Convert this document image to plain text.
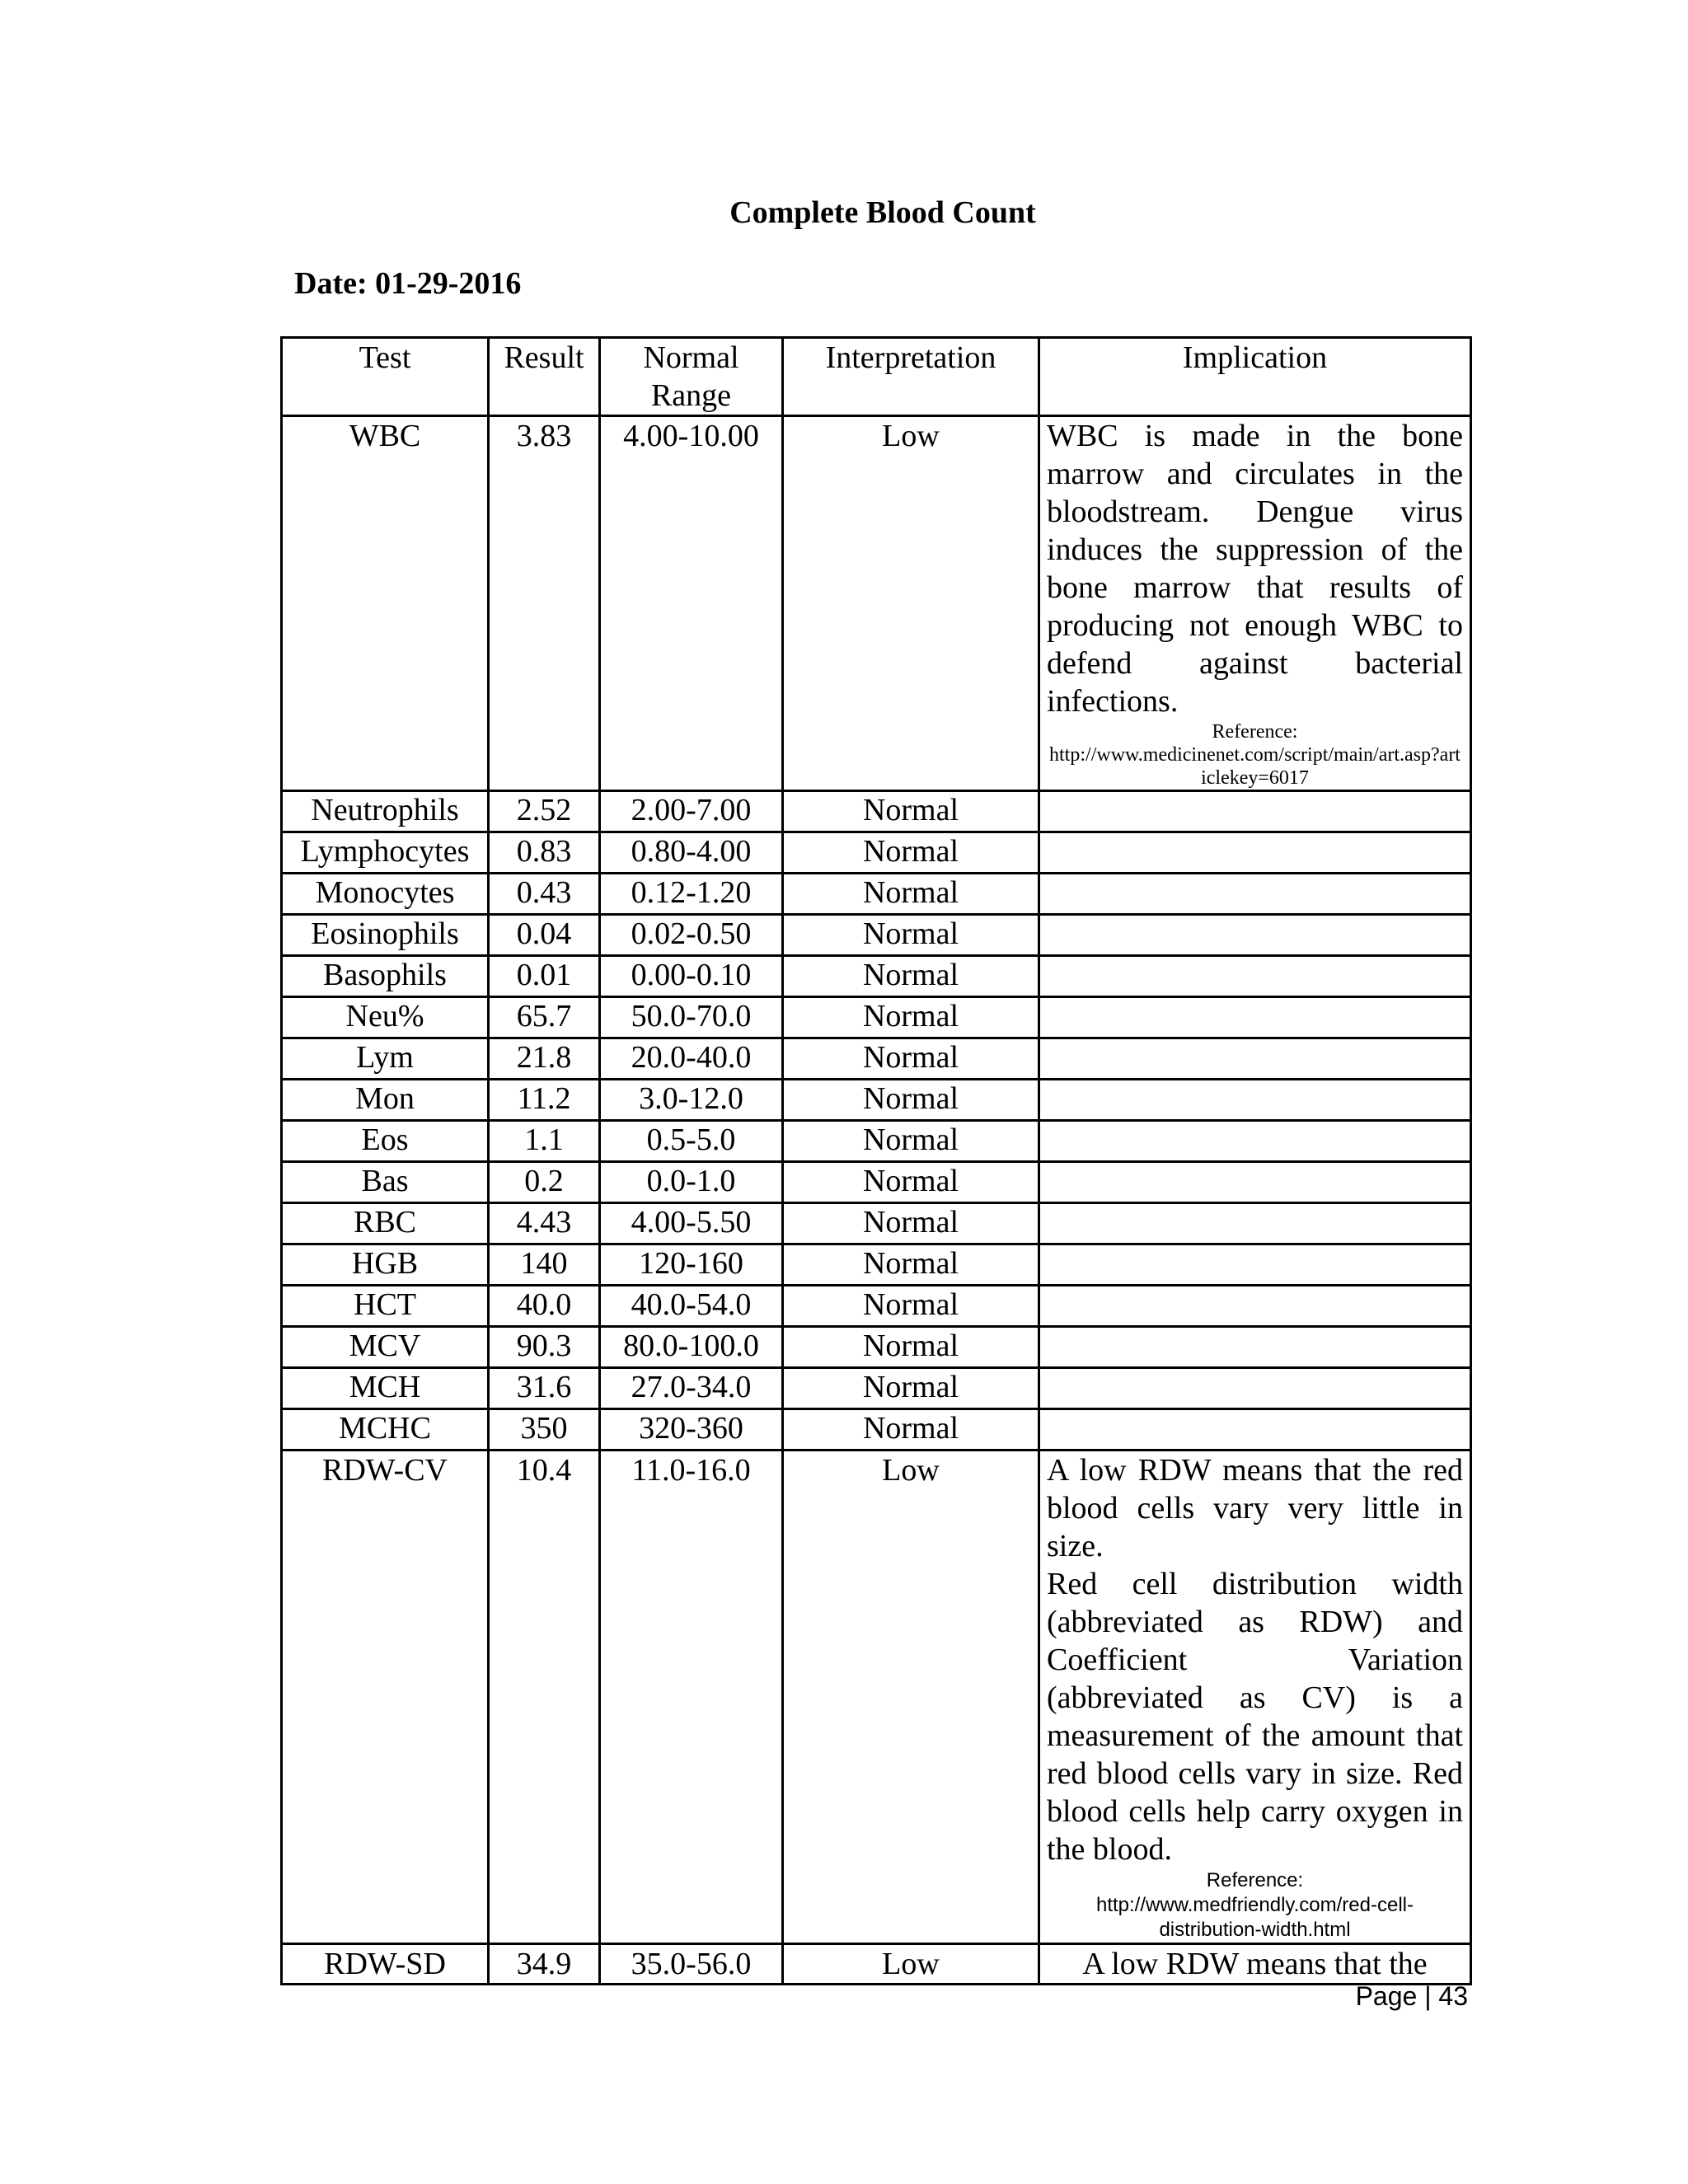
Complete Blood Count
Date: 01-29-2016
Test	Result	Normal Range	Interpretation	Implication
WBC	3.83	4.00-10.00	Low	WBC is made in the bone marrow and circulates in the bloodstream. Dengue virus induces the suppression of the bone marrow that results of producing not enough WBC to defend against bacterial infections.
Reference:
http://www.medicinenet.com/script/main/art.asp?articlekey=6017

Neutrophils	2.52	2.00-7.00	Normal	
Lymphocytes	0.83	0.80-4.00	Normal	
Monocytes	0.43	0.12-1.20	Normal	
Eosinophils	0.04	0.02-0.50	Normal	
Basophils	0.01	0.00-0.10	Normal	
Neu%	65.7	50.0-70.0	Normal	
Lym	21.8	20.0-40.0	Normal	
Mon	11.2	3.0-12.0	Normal	
Eos	1.1	0.5-5.0	Normal	
Bas	0.2	0.0-1.0	Normal	
RBC	4.43	4.00-5.50	Normal	
HGB	140	120-160	Normal	
HCT	40.0	40.0-54.0	Normal	
MCV	90.3	80.0-100.0	Normal	
MCH	31.6	27.0-34.0	Normal	
MCHC	350	320-360	Normal	
RDW-CV	10.4	11.0-16.0	Low	A low RDW means that the red blood cells vary very little in size.
Red cell distribution width (abbreviated as RDW) and Coefficient Variation (abbreviated as CV) is a measurement of the amount that red blood cells vary in size. Red blood cells help carry oxygen in the blood.
Reference:
http://www.medfriendly.com/red-cell-distribution-width.html

RDW-SD	34.9	35.0-56.0	Low	A low RDW means that the
Page | 43
